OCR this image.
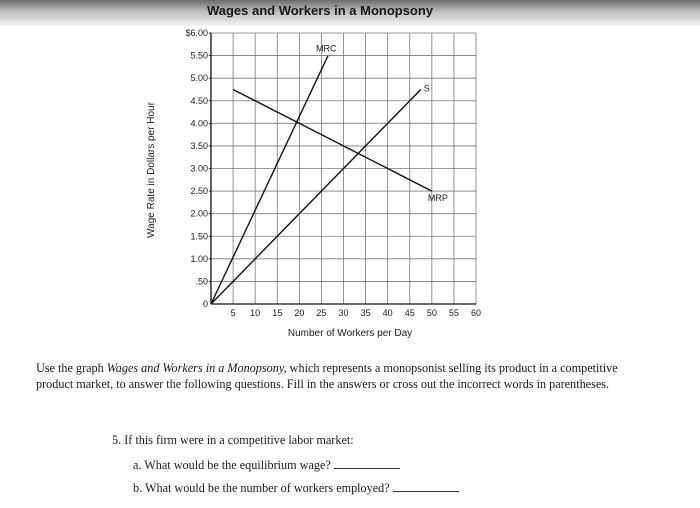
Wages and Workers in a Monopsony
0
.50
1.00
1.50
2.00
2.50
3.00
3.50
4.00
4.50
5.00
5.50
$6.00
5 10 15 20 25 30 35 40 45 50 55 60
MRC
S
MRP
Number of Workers per Day
Wage Rate in Dollars per Hour

Use the graph Wages and Workers in a Monopsony, which represents a monopsonist selling its product in a competitive product market, to answer the following questions. Fill in the answers or cross out the incorrect words in parentheses.

5. If this firm were in a competitive labor market:
a. What would be the equilibrium wage?
b. What would be the number of workers employed?
